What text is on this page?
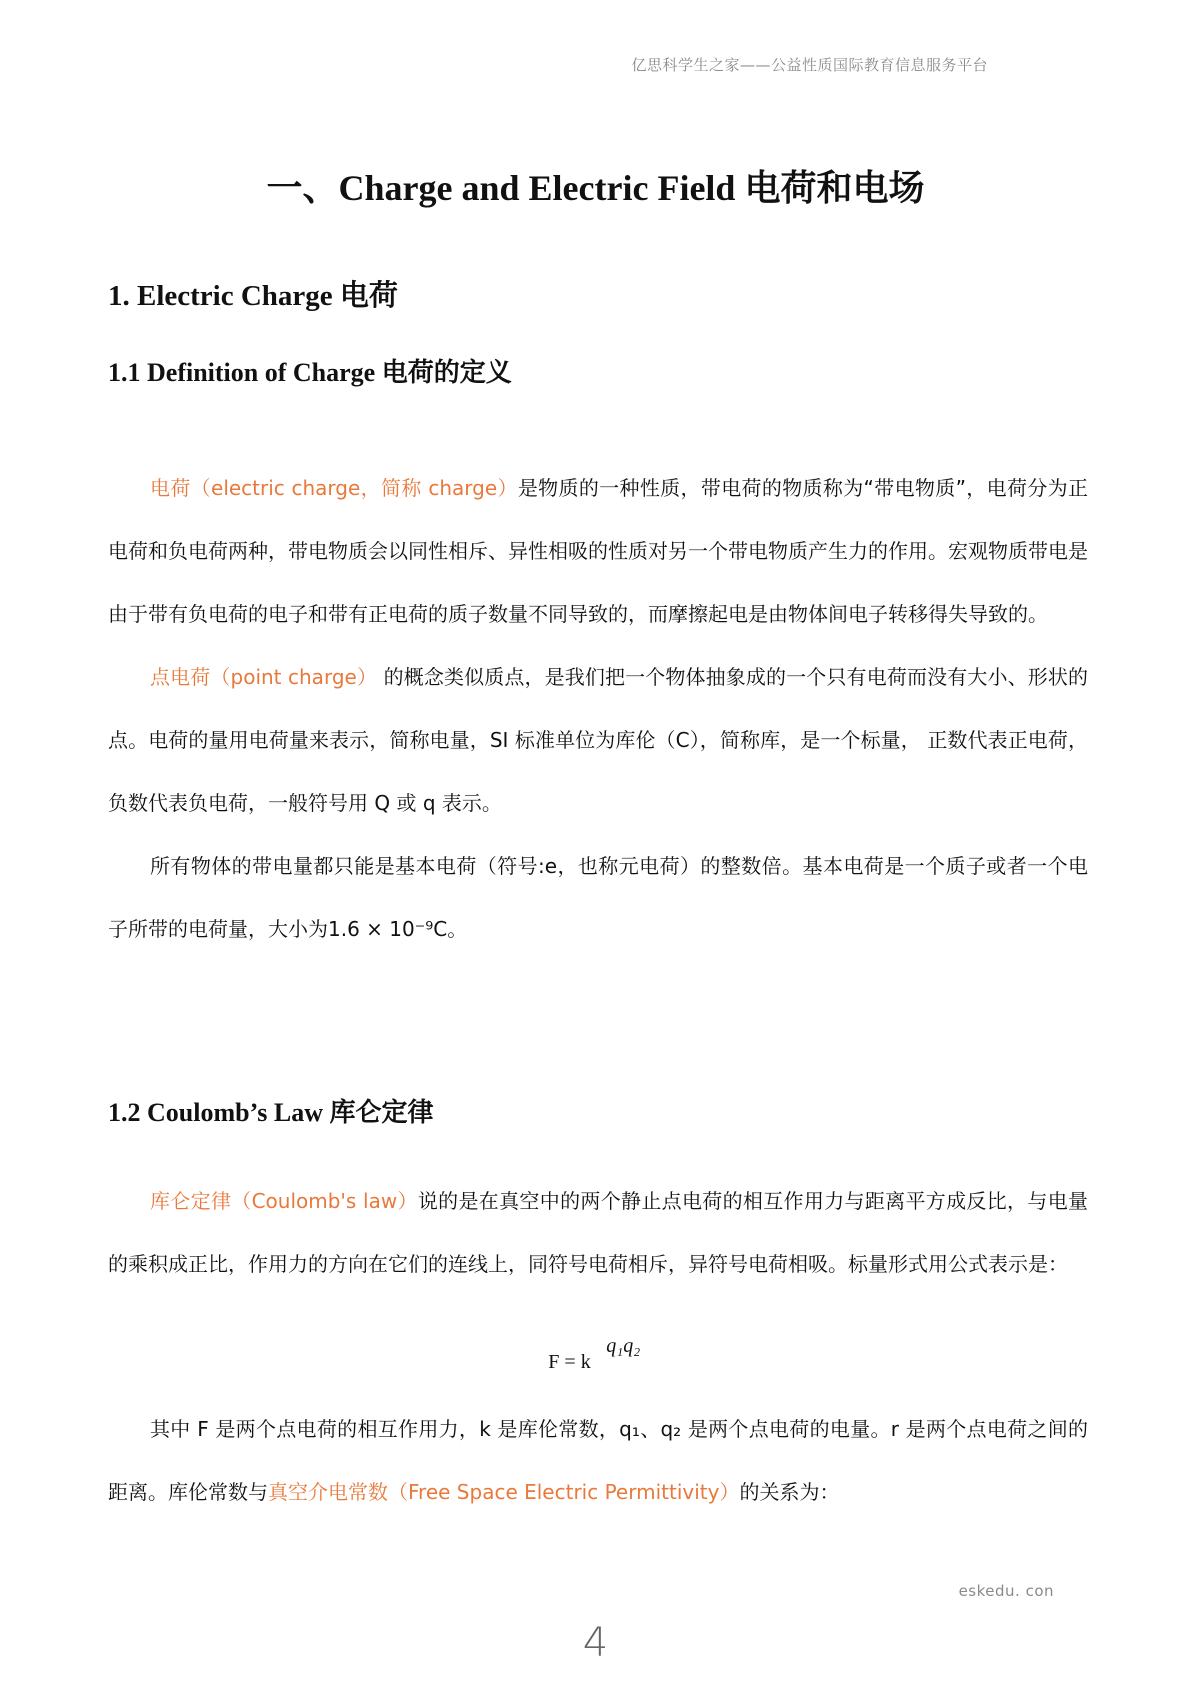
亿思科学生之家——公益性质国际教育信息服务平台
一、Charge and Electric Field 电荷和电场
1. Electric Charge 电荷
1.1 Definition of Charge 电荷的定义

电荷（electric charge，简称 charge）是物质的一种性质，带电荷的物质称为“带电物质”，电荷分为正电荷和负电荷两种，带电物质会以同性相斥、异性相吸的性质对另一个带电物质产生力的作用。宏观物质带电是由于带有负电荷的电子和带有正电荷的质子数量不同导致的，而摩擦起电是由物体间电子转移得失导致的。

点电荷（point charge） 的概念类似质点，是我们把一个物体抽象成的一个只有电荷而没有大小、形状的点。电荷的量用电荷量来表示，简称电量，SI 标准单位为库伦（C），简称库，是一个标量， 正数代表正电荷，负数代表负电荷，一般符号用 Q 或 q 表示。

所有物体的带电量都只能是基本电荷（符号:e，也称元电荷）的整数倍。基本电荷是一个质子或者一个电子所带的电荷量，大小为1.6 × 10⁻⁹C。

1.2 Coulomb’s Law 库仑定律

库仑定律（Coulomb's law）说的是在真空中的两个静止点电荷的相互作用力与距离平方成反比，与电量的乘积成正比，作用力的方向在它们的连线上，同符号电荷相斥，异符号电荷相吸。标量形式用公式表示是：

F = k
q₁q₂

其中 F 是两个点电荷的相互作用力，k 是库伦常数，q₁、q₂ 是两个点电荷的电量。r 是两个点电荷之间的距离。库伦常数与真空介电常数（Free Space Electric Permittivity）的关系为：

eskedu. con
4
